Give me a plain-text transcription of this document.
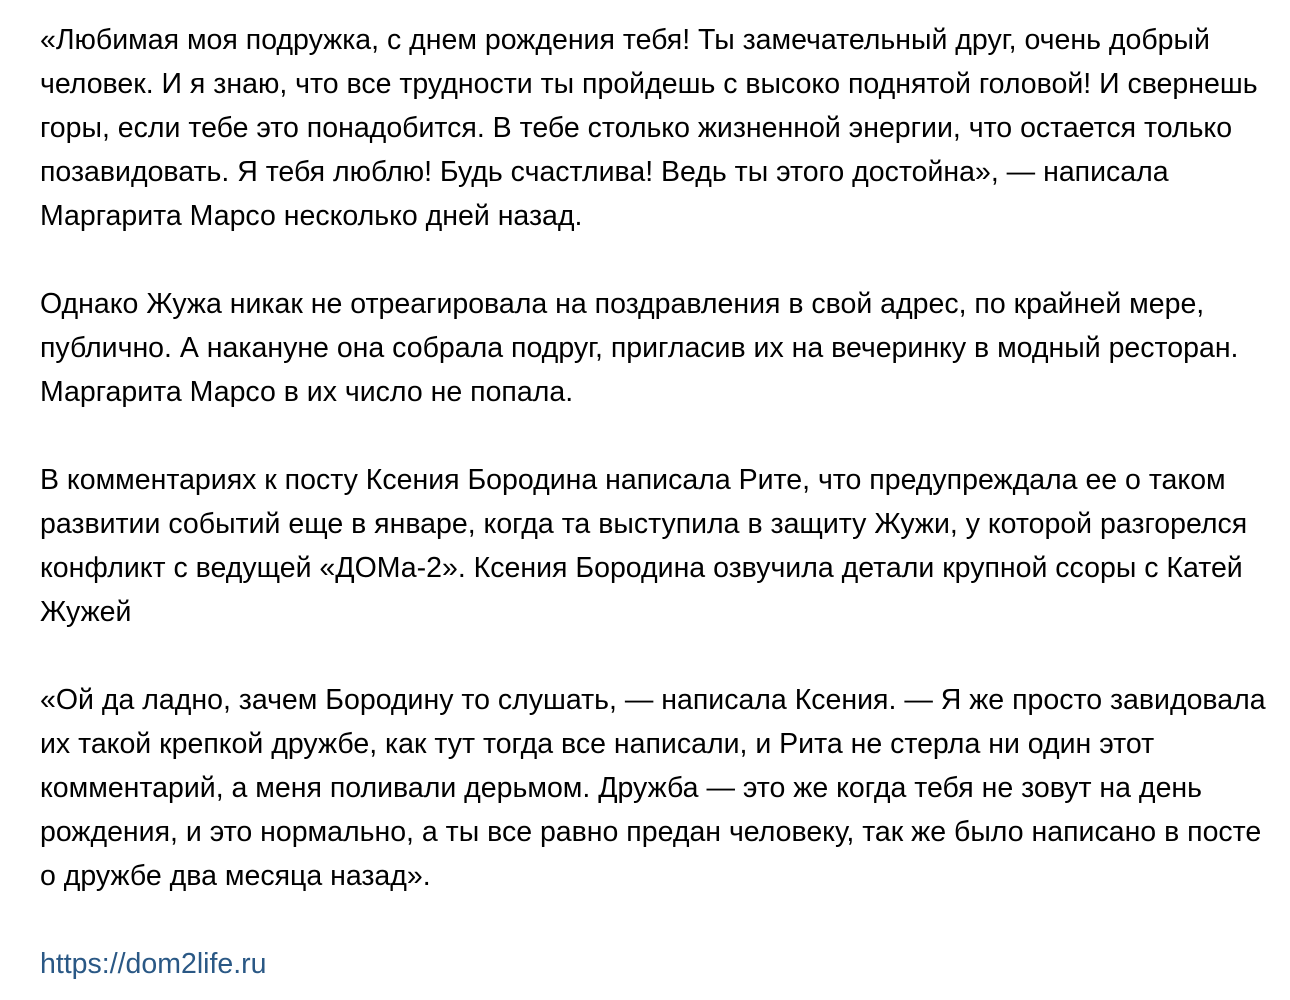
«Любимая моя подружка, с днем рождения тебя! Ты замечательный друг, очень добрый человек. И я знаю, что все трудности ты пройдешь с высоко поднятой головой! И свернешь горы, если тебе это понадобится. В тебе столько жизненной энергии, что остается только позавидовать. Я тебя люблю! Будь счастлива! Ведь ты этого достойна», — написала Маргарита Марсо несколько дней назад.

Однако Жужа никак не отреагировала на поздравления в свой адрес, по крайней мере, публично. А накануне она собрала подруг, пригласив их на вечеринку в модный ресторан. Маргарита Марсо в их число не попала.

В комментариях к посту Ксения Бородина написала Рите, что предупреждала ее о таком развитии событий еще в январе, когда та выступила в защиту Жужи, у которой разгорелся конфликт с ведущей «ДОМа-2». Ксения Бородина озвучила детали крупной ссоры с Катей Жужей

«Ой да ладно, зачем Бородину то слушать, — написала Ксения. — Я же просто завидовала их такой крепкой дружбе, как тут тогда все написали, и Рита не стерла ни один этот комментарий, а меня поливали дерьмом. Дружба — это же когда тебя не зовут на день рождения, и это нормально, а ты все равно предан человеку, так же было написано в посте о дружбе два месяца назад».

https://dom2life.ru
